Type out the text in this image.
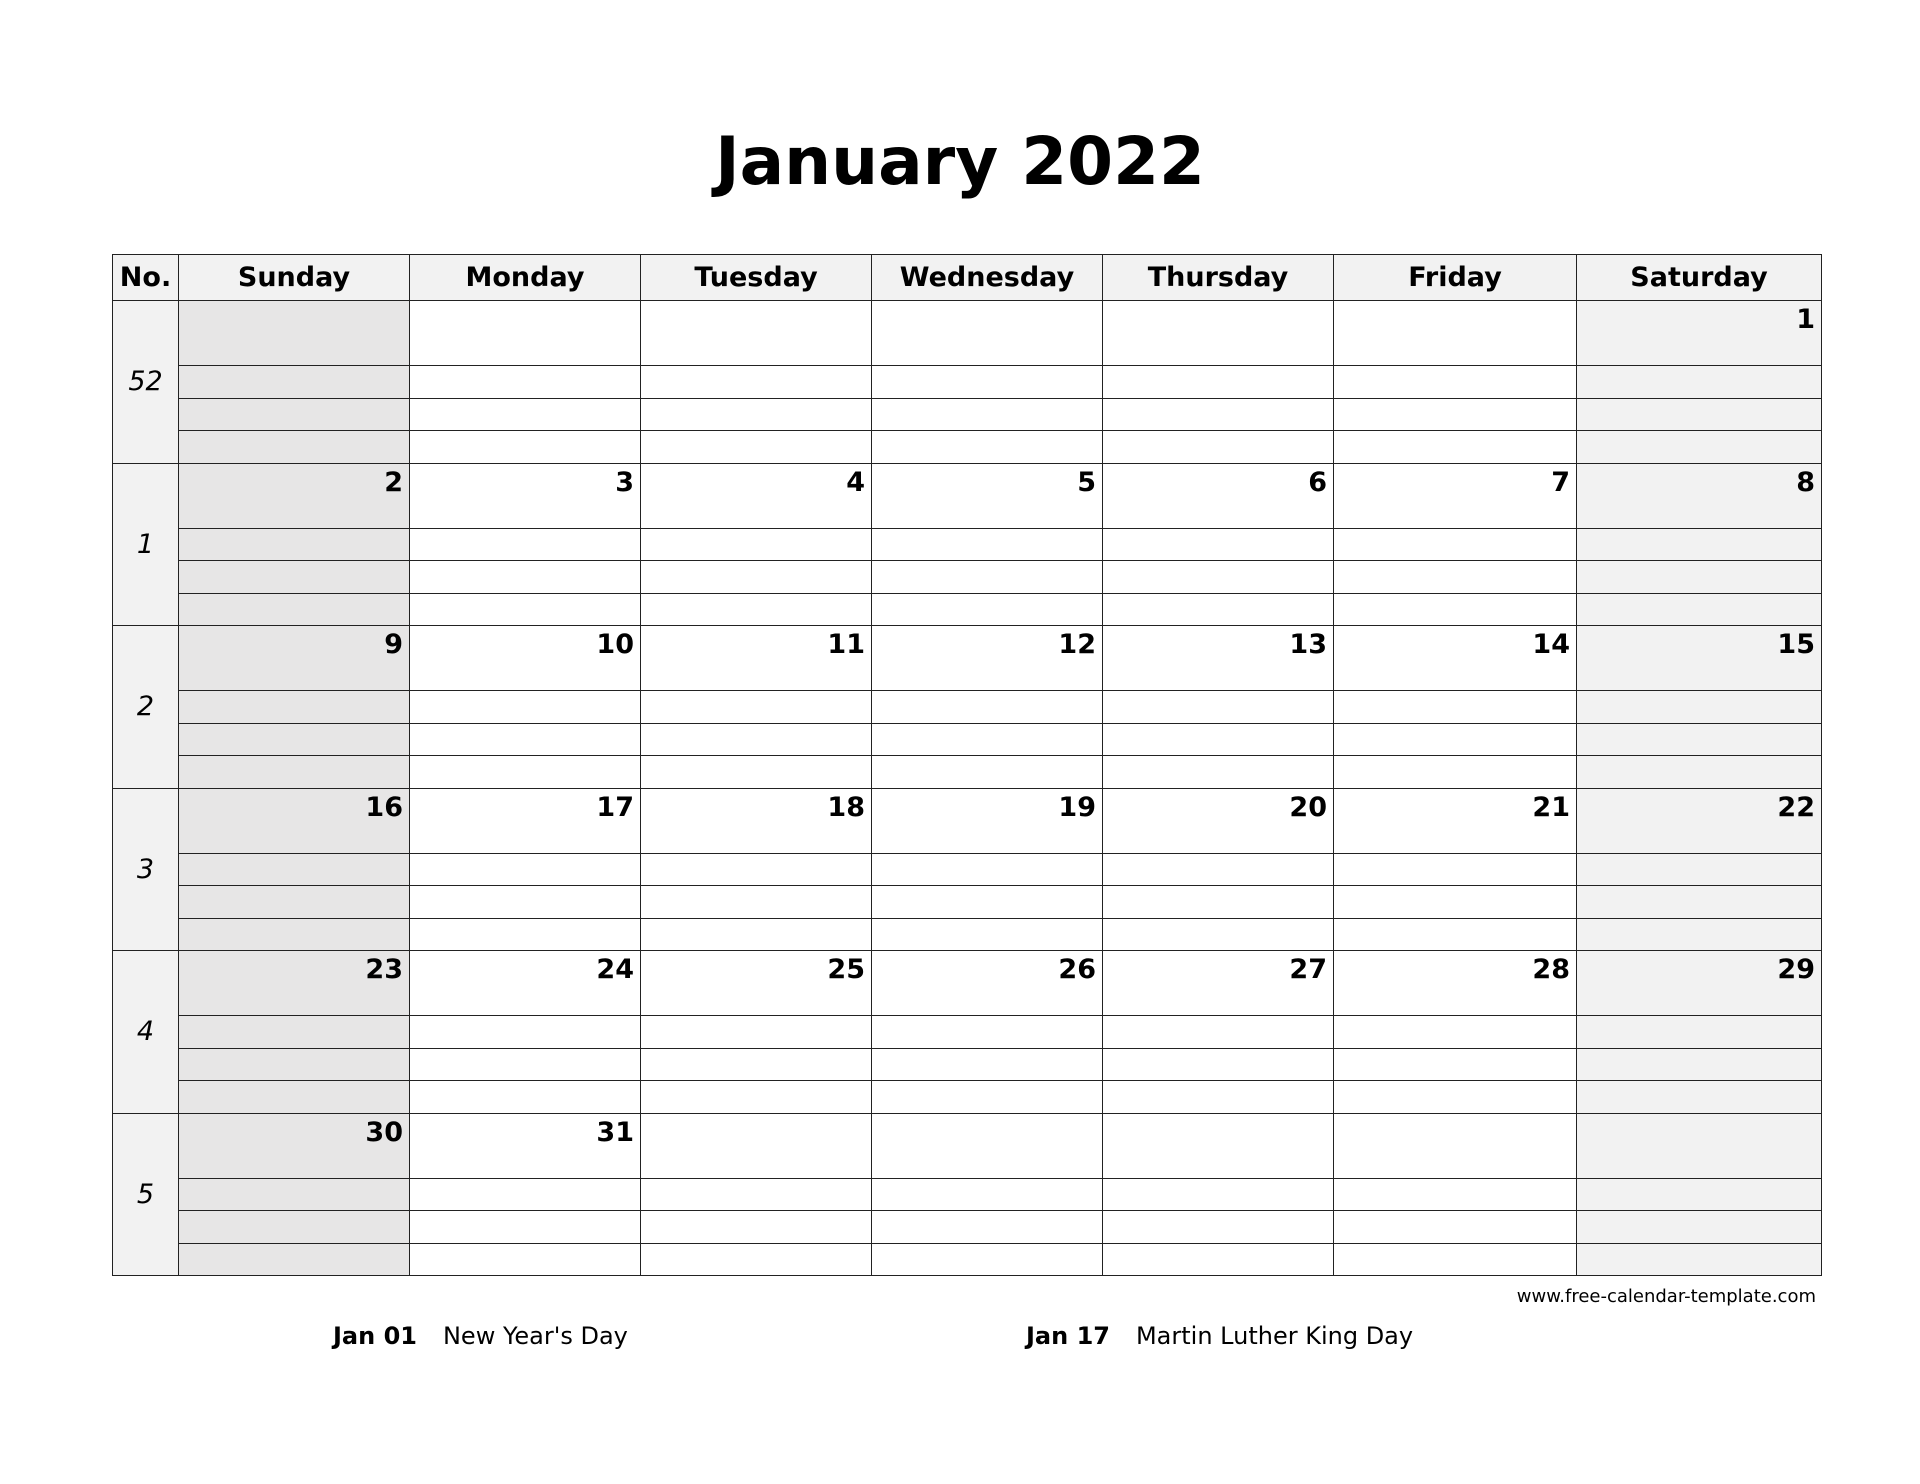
January 2022
No.	Sunday	Monday	Tuesday	Wednesday	Thursday	Friday	Saturday
52							1

1	2	3	4	5	6	7	8

2	9	10	11	12	13	14	15

3	16	17	18	19	20	21	22

4	23	24	25	26	27	28	29

5	30	31					

www.free-calendar-template.com
Jan 01 New Year's Day	Jan 17 Martin Luther King Day
